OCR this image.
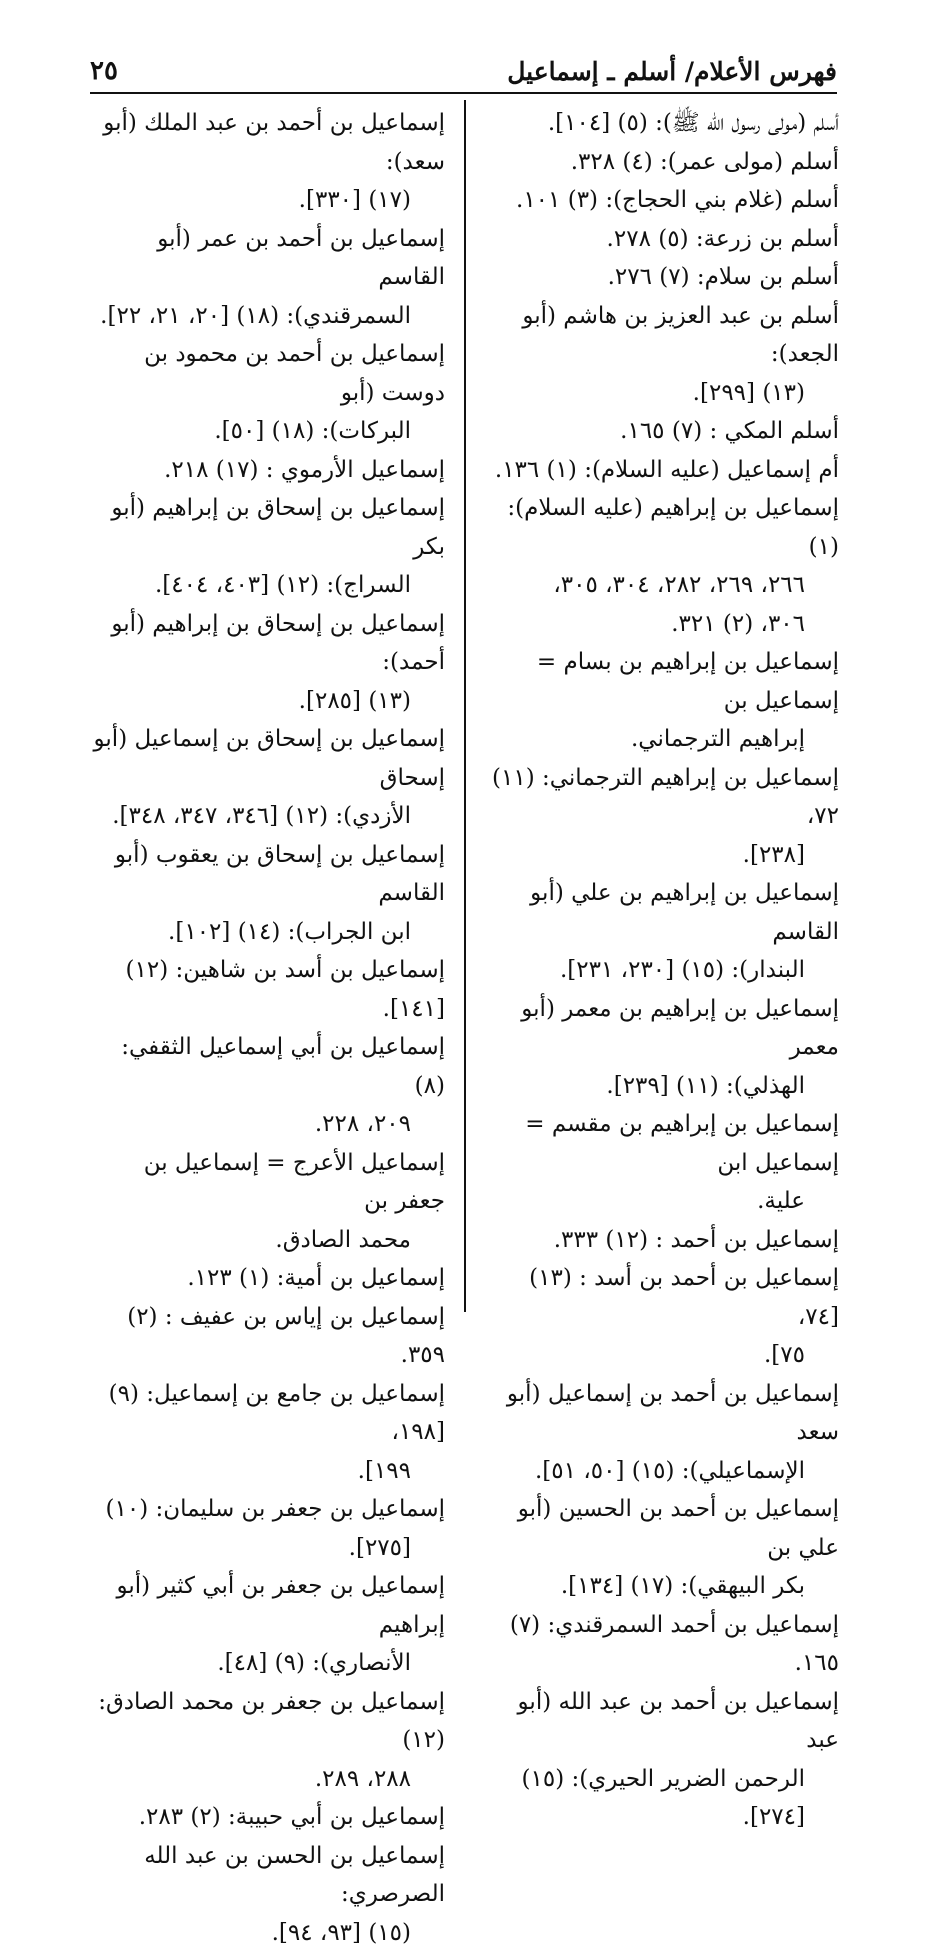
٢٥	فهرس الأعلام/ أسلم ـ إسماعيل

أسلم (مولى رسول الله ﷺ): (٥) [١٠٤].

أسلم (مولى عمر): (٤) ٣٢٨.

أسلم (غلام بني الحجاج): (٣) ١٠١.

أسلم بن زرعة: (٥) ٢٧٨.

أسلم بن سلام: (٧) ٢٧٦.

أسلم بن عبد العزيز بن هاشم (أبو الجعد):
(١٣) [٢٩٩].

أسلم المكي : (٧) ١٦٥.

أم إسماعيل (عليه السلام): (١) ١٣٦.

إسماعيل بن إبراهيم (عليه السلام): (١)
٢٦٦، ٢٦٩، ٢٨٢، ٣٠٤، ٣٠٥،
٣٠٦، (٢) ٣٢١.

إسماعيل بن إبراهيم بن بسام = إسماعيل بن
إبراهيم الترجماني.

إسماعيل بن إبراهيم الترجماني: (١١) ٧٢،
[٢٣٨].

إسماعيل بن إبراهيم بن علي (أبو القاسم
البندار): (١٥) [٢٣٠، ٢٣١].

إسماعيل بن إبراهيم بن معمر (أبو معمر
الهذلي): (١١) [٢٣٩].

إسماعيل بن إبراهيم بن مقسم = إسماعيل ابن
علية.

إسماعيل بن أحمد : (١٢) ٣٣٣.

إسماعيل بن أحمد بن أسد : (١٣) [٧٤،
٧٥].

إسماعيل بن أحمد بن إسماعيل (أبو سعد
الإسماعيلي): (١٥) [٥٠، ٥١].

إسماعيل بن أحمد بن الحسين (أبو علي بن
بكر البيهقي): (١٧) [١٣٤].

إسماعيل بن أحمد السمرقندي: (٧) ١٦٥.

إسماعيل بن أحمد بن عبد الله (أبو عبد
الرحمن الضرير الحيري): (١٥) [٢٧٤].

إسماعيل بن أحمد بن عبد الملك (أبو سعد):
(١٧) [٣٣٠].

إسماعيل بن أحمد بن عمر (أبو القاسم
السمرقندي): (١٨) [٢٠، ٢١، ٢٢].

إسماعيل بن أحمد بن محمود بن دوست (أبو
البركات): (١٨) [٥٠].

إسماعيل الأرموي : (١٧) ٢١٨.

إسماعيل بن إسحاق بن إبراهيم (أبو بكر
السراج): (١٢) [٤٠٣، ٤٠٤].

إسماعيل بن إسحاق بن إبراهيم (أبو أحمد):
(١٣) [٢٨٥].

إسماعيل بن إسحاق بن إسماعيل (أبو إسحاق
الأزدي): (١٢) [٣٤٦، ٣٤٧، ٣٤٨].

إسماعيل بن إسحاق بن يعقوب (أبو القاسم
ابن الجراب): (١٤) [١٠٢].

إسماعيل بن أسد بن شاهين: (١٢) [١٤١].

إسماعيل بن أبي إسماعيل الثقفي: (٨)
٢٠٩، ٢٢٨.

إسماعيل الأعرج = إسماعيل بن جعفر بن
محمد الصادق.

إسماعيل بن أمية: (١) ١٢٣.

إسماعيل بن إياس بن عفيف : (٢) ٣٥٩.

إسماعيل بن جامع بن إسماعيل: (٩) [١٩٨،
١٩٩].

إسماعيل بن جعفر بن سليمان: (١٠)
[٢٧٥].

إسماعيل بن جعفر بن أبي كثير (أبو إبراهيم
الأنصاري): (٩) [٤٨].

إسماعيل بن جعفر بن محمد الصادق: (١٢)
٢٨٨، ٢٨٩.

إسماعيل بن أبي حبيبة: (٢) ٢٨٣.

إسماعيل بن الحسن بن عبد الله الصرصري:
(١٥) [٩٣، ٩٤].
